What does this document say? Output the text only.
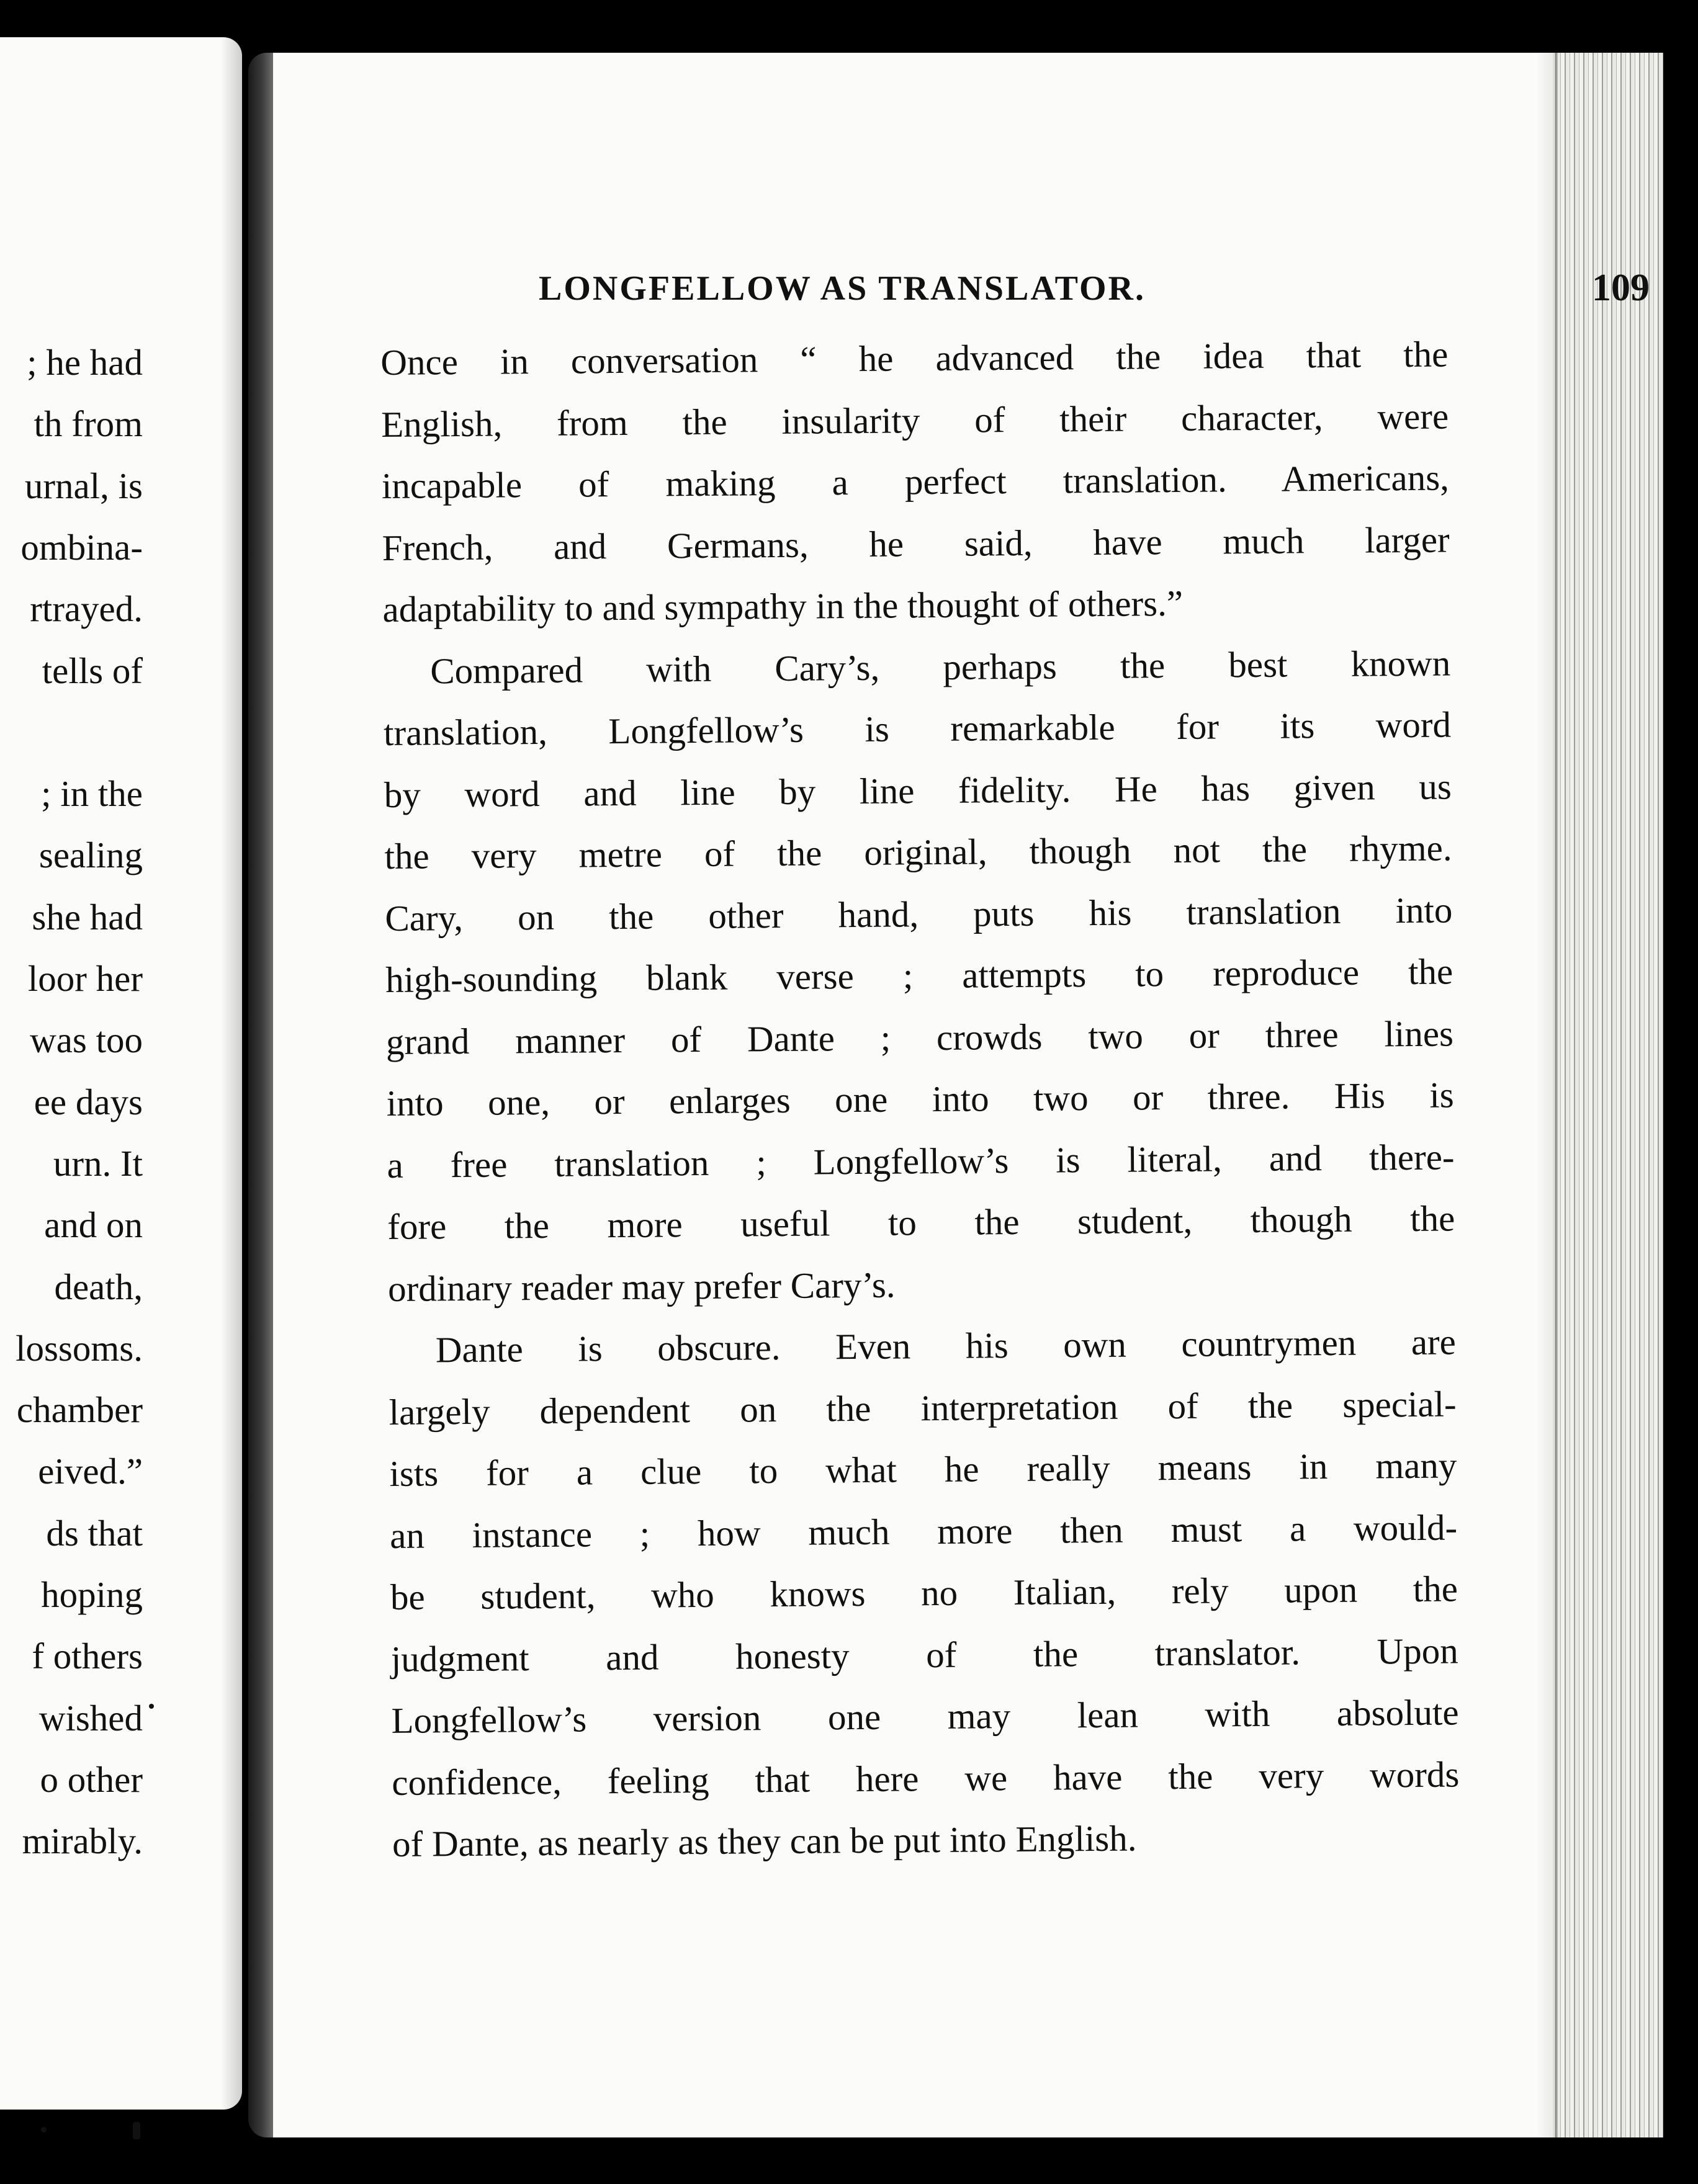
; he had
th from
urnal, is
ombina-
rtrayed.
tells of
; in the
sealing
she had
loor her
was too
ee days
urn. It
and on
death,
lossoms.
chamber
eived.”
ds that
hoping
f others
wished
o other
mirably.
LONGFELLOW AS TRANSLATOR.	109
Once in conversation “ he advanced the idea that the
English, from the insularity of their character, were
incapable of making a perfect translation. Americans,
French, and Germans, he said, have much larger
adaptability to and sympathy in the thought of others.”
Compared with Cary’s, perhaps the best known
translation, Longfellow’s is remarkable for its word
by word and line by line fidelity. He has given us
the very metre of the original, though not the rhyme.
Cary, on the other hand, puts his translation into
high-sounding blank verse ; attempts to reproduce the
grand manner of Dante ; crowds two or three lines
into one, or enlarges one into two or three. His is
a free translation ; Longfellow’s is literal, and there-
fore the more useful to the student, though the
ordinary reader may prefer Cary’s.
Dante is obscure. Even his own countrymen are
largely dependent on the interpretation of the special-
ists for a clue to what he really means in many
an instance ; how much more then must a would-
be student, who knows no Italian, rely upon the
judgment and honesty of the translator. Upon
Longfellow’s version one may lean with absolute
confidence, feeling that here we have the very words
of Dante, as nearly as they can be put into English.
